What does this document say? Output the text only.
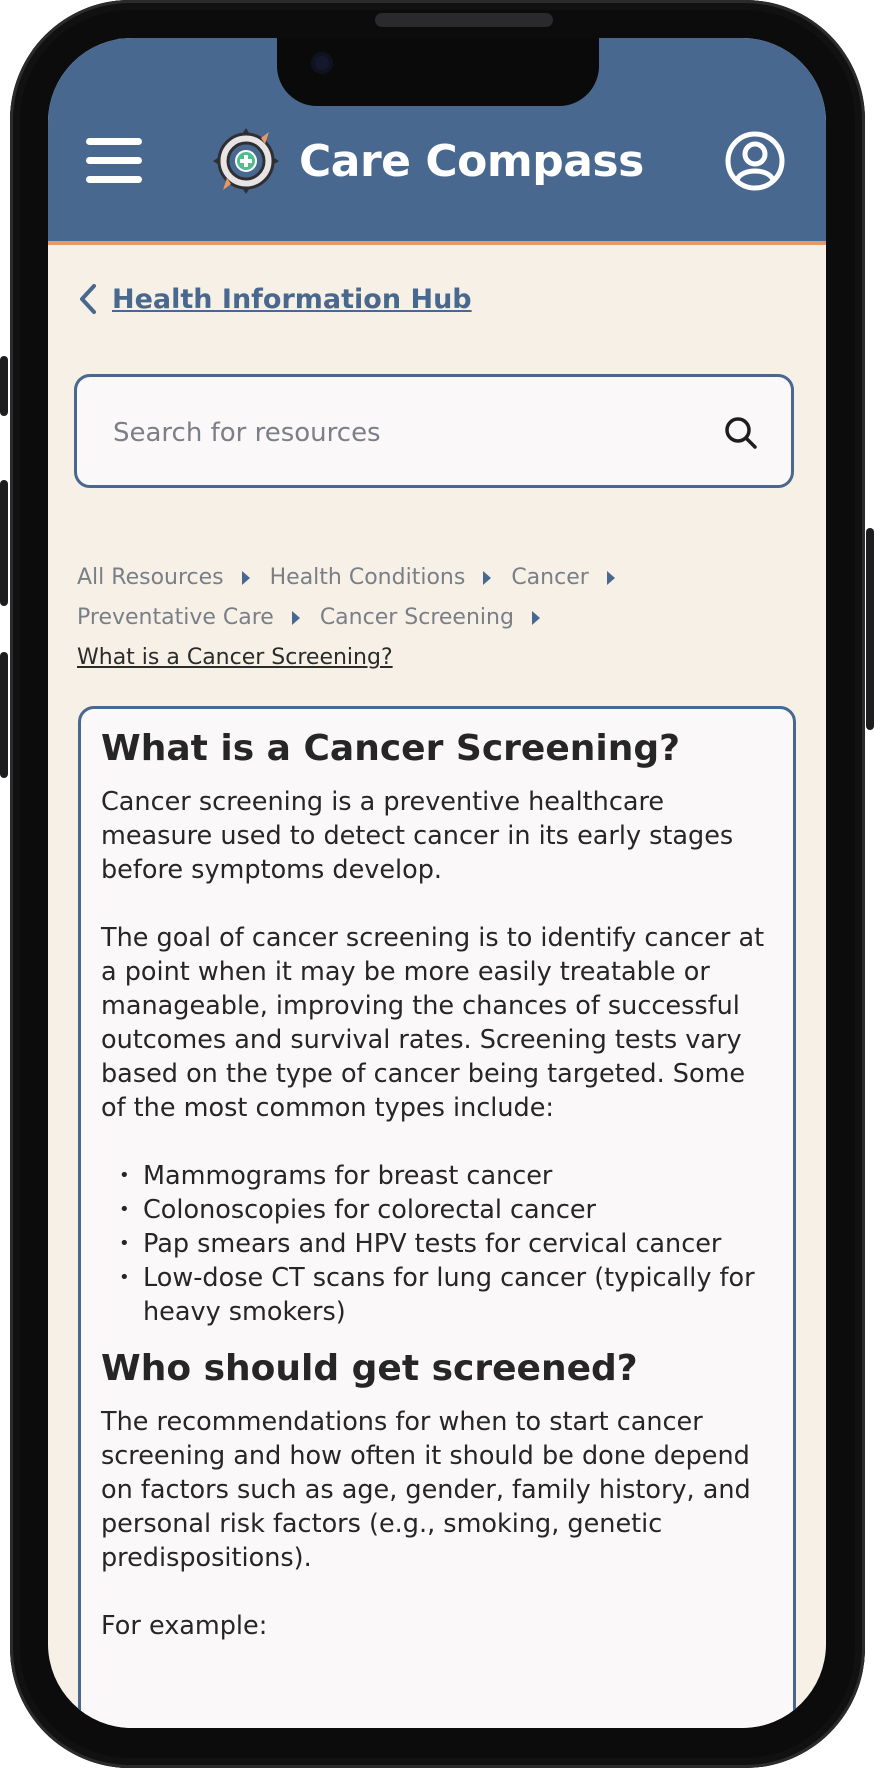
Care Compass
Health Information Hub
Search for resources
All Resources Health Conditions Cancer
Preventative Care Cancer Screening
What is a Cancer Screening?
What is a Cancer Screening?

Cancer screening is a preventive healthcare measure used to detect cancer in its early stages before symptoms develop.

The goal of cancer screening is to identify cancer at a point when it may be more easily treatable or manageable, improving the chances of successful outcomes and survival rates. Screening tests vary based on the type of cancer being targeted. Some of the most common types include:

• Mammograms for breast cancer
• Colonoscopies for colorectal cancer
• Pap smears and HPV tests for cervical cancer
• Low-dose CT scans for lung cancer (typically for heavy smokers)
Who should get screened?

The recommendations for when to start cancer screening and how often it should be done depend on factors such as age, gender, family history, and personal risk factors (e.g., smoking, genetic predispositions).

For example:
